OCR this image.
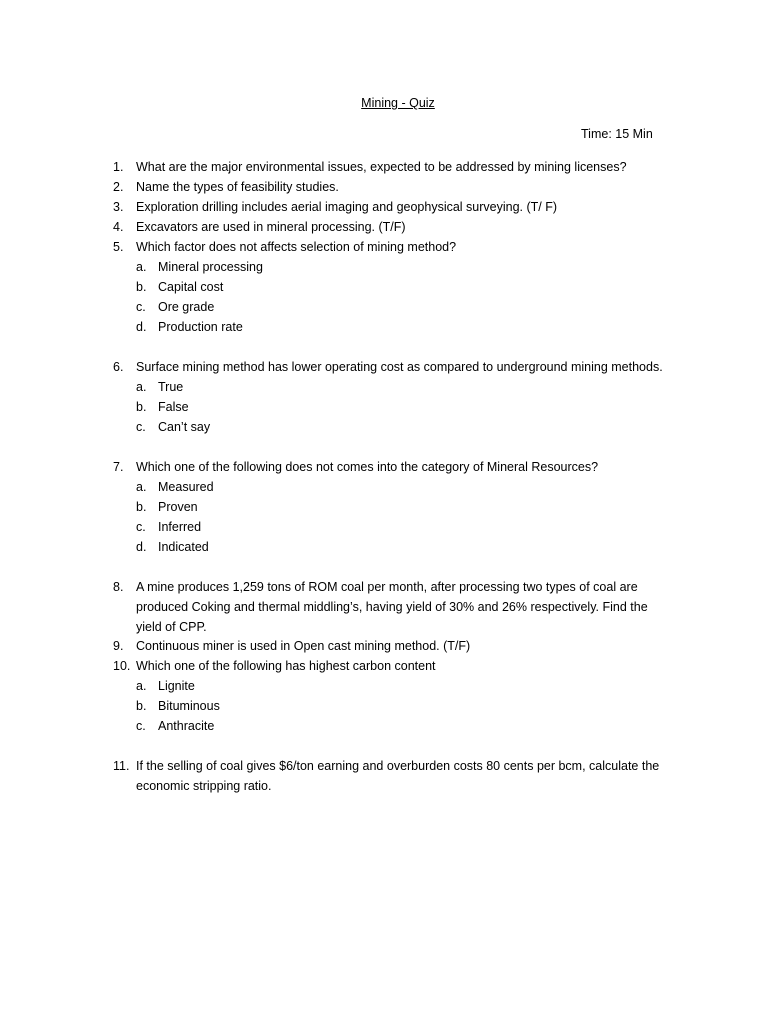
Mining - Quiz
Time: 15 Min
1. What are the major environmental issues, expected to be addressed by mining licenses?
2. Name the types of feasibility studies.
3. Exploration drilling includes aerial imaging and geophysical surveying. (T/ F)
4. Excavators are used in mineral processing. (T/F)
5. Which factor does not affects selection of mining method?
a. Mineral processing
b. Capital cost
c. Ore grade
d. Production rate
6. Surface mining method has lower operating cost as compared to underground mining methods.
a. True
b. False
c. Can’t say
7. Which one of the following does not comes into the category of Mineral Resources?
a. Measured
b. Proven
c. Inferred
d. Indicated
8. A mine produces 1,259 tons of ROM coal per month, after processing two types of coal are
produced Coking and thermal middling’s, having yield of 30% and 26% respectively. Find the
yield of CPP.
9. Continuous miner is used in Open cast mining method. (T/F)
10. Which one of the following has highest carbon content
a. Lignite
b. Bituminous
c. Anthracite
11. If the selling of coal gives $6/ton earning and overburden costs 80 cents per bcm, calculate the
economic stripping ratio.
